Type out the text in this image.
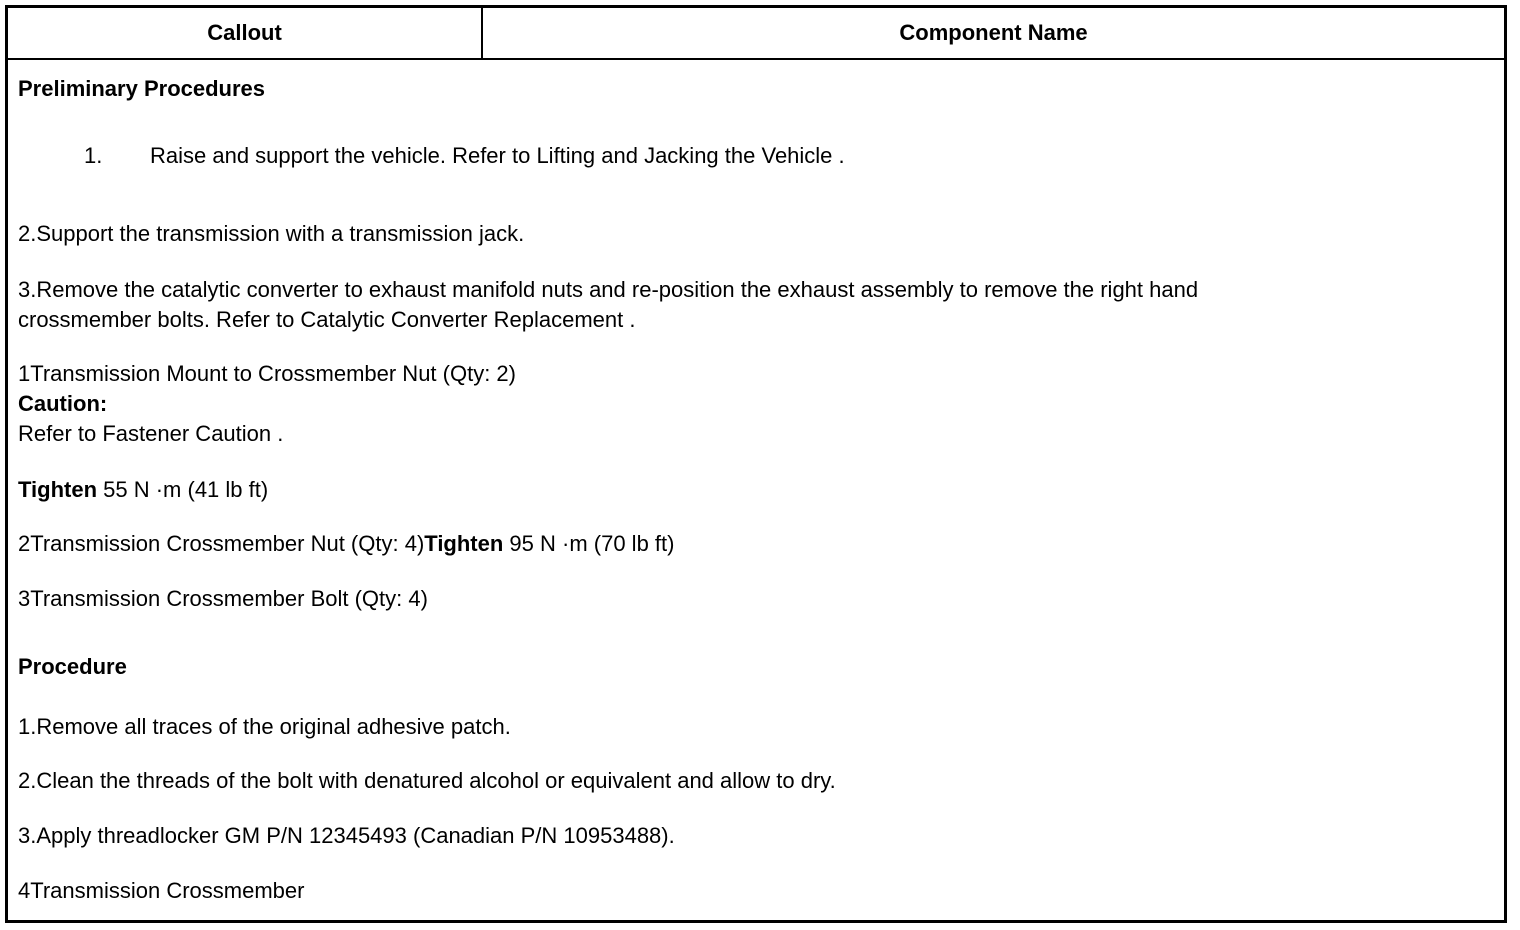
Callout	Component Name
Preliminary Procedures
1. Raise and support the vehicle. Refer to Lifting and Jacking the Vehicle .
2.Support the transmission with a transmission jack.
3.Remove the catalytic converter to exhaust manifold nuts and re-position the exhaust assembly to remove the right hand
crossmember bolts. Refer to Catalytic Converter Replacement .
1Transmission Mount to Crossmember Nut (Qty: 2)
Caution:
Refer to Fastener Caution .
Tighten 55 N ·m (41 lb ft)
2Transmission Crossmember Nut (Qty: 4)Tighten 95 N ·m (70 lb ft)
3Transmission Crossmember Bolt (Qty: 4)
Procedure
1.Remove all traces of the original adhesive patch.
2.Clean the threads of the bolt with denatured alcohol or equivalent and allow to dry.
3.Apply threadlocker GM P/N 12345493 (Canadian P/N 10953488).
4Transmission Crossmember
